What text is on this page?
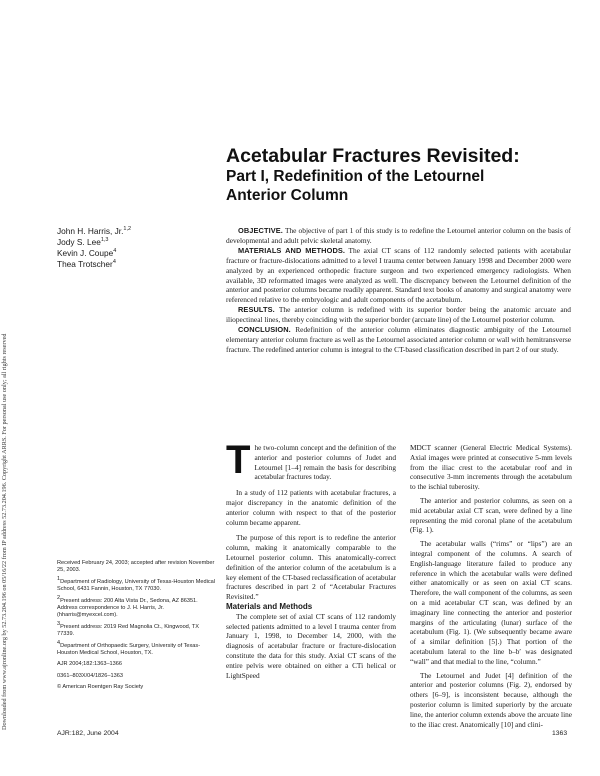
Downloaded from www.ajronline.org by 52.73.204.196 on 05/16/22 from IP address 52.73.204.196. Copyright ARRS. For personal use only; all rights reserved
Acetabular Fractures Revisited:
Part I, Redefinition of the Letournel
Anterior Column
John H. Harris, Jr.$^{1,2}$
Jody S. Lee$^{1,3}$
Kevin J. Coupe$^4$
Thea Trotscher$^4$

OBJECTIVE. The objective of part 1 of this study is to redefine the Letournel anterior column on the basis of developmental and adult pelvic skeletal anatomy.

MATERIALS AND METHODS. The axial CT scans of 112 randomly selected patients with acetabular fracture or fracture-dislocations admitted to a level I trauma center between January 1998 and December 2000 were analyzed by an experienced orthopedic fracture surgeon and two experienced emergency radiologists. When available, 3D reformatted images were analyzed as well. The discrepancy between the Letournel definition of the anterior and posterior columns became readily apparent. Standard text books of anatomy and surgical anatomy were referenced relative to the embryologic and adult components of the acetabulum.

RESULTS. The anterior column is redefined with its superior border being the anatomic arcuate and iliopectineal lines, thereby coinciding with the superior border (arcuate line) of the Letournel posterior column.

CONCLUSION. Redefinition of the anterior column eliminates diagnostic ambiguity of the Letournel elementary anterior column fracture as well as the Letournel associated anterior column or wall with hemitransverse fracture. The redefined anterior column is integral to the CT-based classification described in part 2 of our study.

The two-column concept and the definition of the anterior and posterior columns of Judet and Letournel [1–4] remain the basis for describing acetabular fractures today.

In a study of 112 patients with acetabular fractures, a major discrepancy in the anatomic definition of the anterior column with respect to that of the posterior column became apparent.

The purpose of this report is to redefine the anterior column, making it anatomically comparable to the Letournel posterior column. This anatomically-correct definition of the anterior column of the acetabulum is a key element of the CT-based reclassification of acetabular fractures described in part 2 of “Acetabular Fractures Revisited.”

Materials and Methods

The complete set of axial CT scans of 112 randomly selected patients admitted to a level I trauma center from January 1, 1998, to December 14, 2000, with the diagnosis of acetabular fracture or fracture-dislocation constitute the data for this study. Axial CT scans of the entire pelvis were obtained on either a CTi helical or LightSpeed

MDCT scanner (General Electric Medical Systems). Axial images were printed at consecutive 5-mm levels from the iliac crest to the acetabular roof and in consecutive 3-mm increments through the acetabulum to the ischial tuberosity.

The anterior and posterior columns, as seen on a mid acetabular axial CT scan, were defined by a line representing the mid coronal plane of the acetabulum (Fig. 1).

The acetabular walls (“rims” or “lips”) are an integral component of the columns. A search of English-language literature failed to produce any reference in which the acetabular walls were defined either anatomically or as seen on axial CT scans. Therefore, the wall component of the columns, as seen on a mid acetabular CT scan, was defined by an imaginary line connecting the anterior and posterior margins of the articulating (lunar) surface of the acetabulum (Fig. 1). (We subsequently became aware of a similar definition [5].) That portion of the acetabulum lateral to the line b–b′ was designated “wall” and that medial to the line, “column.”

The Letournel and Judet [4] definition of the anterior and posterior columns (Fig. 2), endorsed by others [6–9], is inconsistent because, although the posterior column is limited superiorly by the arcuate line, the anterior column extends above the arcuate line to the iliac crest. Anatomically [10] and clini-

Received February 24, 2003; accepted after revision November 25, 2003.

$^1$Department of Radiology, University of Texas-Houston Medical School, 6431 Fannin, Houston, TX 77030.

$^2$Present address: 200 Alta Vista Dr., Sedona, AZ 86351. Address correspondence to J. H. Harris, Jr. (hharris@myexcel.com).

$^3$Present address: 2019 Red Magnolia Ct., Kingwood, TX 77339.

$^4$Department of Orthopaedic Surgery, University of Texas-Houston Medical School, Houston, TX.

AJR 2004;182:1363–1366

0361–803X/04/1826–1363

© American Roentgen Ray Society

AJR:182, June 2004	1363
